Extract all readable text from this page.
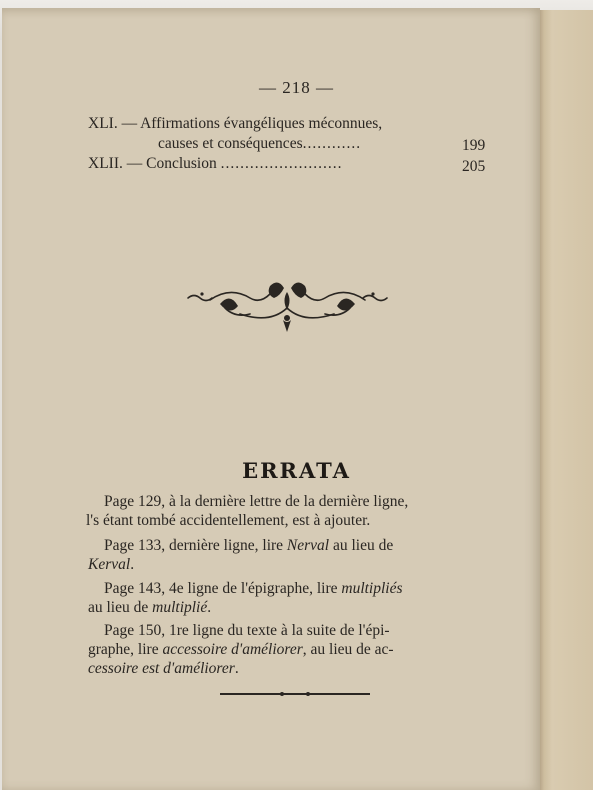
— 218 —
XLI. — Affirmations évangéliques méconnues,
causes et conséquences............	199
XLII. — Conclusion .........................	205
ERRATA
Page 129, à la dernière lettre de la dernière ligne,
l's étant tombé accidentellement, est à ajouter.
Page 133, dernière ligne, lire Nerval au lieu de
Kerval.
Page 143, 4e ligne de l'épigraphe, lire multipliés
au lieu de multiplié.
Page 150, 1re ligne du texte à la suite de l'épi-
graphe, lire accessoire d'améliorer, au lieu de ac-
cessoire est d'améliorer.
